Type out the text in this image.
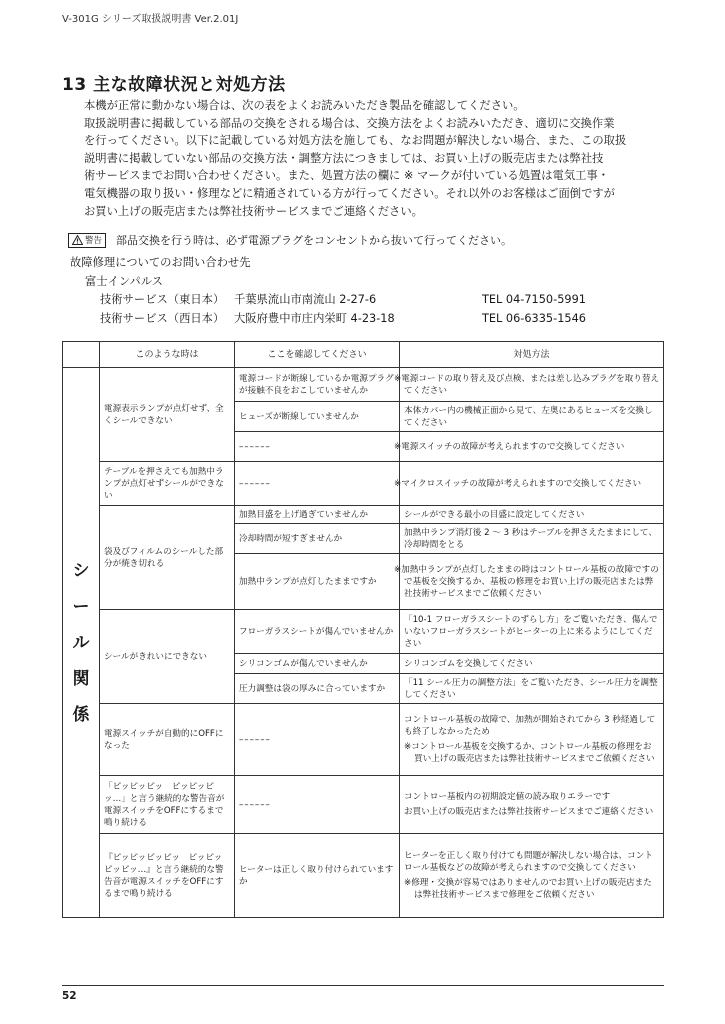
V-301G シリーズ取扱説明書 Ver.2.01J
13 主な故障状況と対処方法

本機が正常に動かない場合は、次の表をよくお読みいただき製品を確認してください。

取扱説明書に掲載している部品の交換をされる場合は、交換方法をよくお読みいただき、適切に交換作業

を行ってください。以下に記載している対処方法を施しても、なお問題が解決しない場合、また、この取扱

説明書に掲載していない部品の交換方法・調整方法につきましては、お買い上げの販売店または弊社技

術サービスまでお問い合わせください。また、処置方法の欄に ※ マークが付いている処置は電気工事・

電気機器の取り扱い・修理などに精通されている方が行ってください。それ以外のお客様はご面倒ですが

お買い上げの販売店または弊社技術サービスまでご連絡ください。

警告 部品交換を行う時は、必ず電源プラグをコンセントから抜いて行ってください。
故障修理についてのお問い合わせ先
富士インパルス
技術サービス（東日本） 千葉県流山市南流山 2-27-6	TEL 04-7150-5991
技術サービス（西日本） 大阪府豊中市庄内栄町 4-23-18	TEL 06-6335-1546
	このような時は	ここを確認してください	対処方法

シ
ー
ル
関
係	電源表示ランプが点灯せず、全くシールできない	電源コードが断線しているか電源プラグが接触不良をおこしていませんか	※電源コードの取り替え及び点検、または差し込みプラグを取り替えてください
		ヒューズが断線していませんか	本体カバー内の機械正面から見て、左奥にあるヒューズを交換してください
		––––––	※電源スイッチの故障が考えられますので交換してください
	テーブルを押さえても加熱中ランプが点灯せずシールができない	––––––	※マイクロスイッチの故障が考えられますので交換してください
	袋及びフィルムのシールした部分が焼き切れる	加熱目盛を上げ過ぎていませんか	シールができる最小の目盛に設定してください
		冷却時間が短すぎませんか	加熱中ランプ消灯後 2 ～ 3 秒はテーブルを押さえたままにして、冷却時間をとる
		加熱中ランプが点灯したままですか	※加熱中ランプが点灯したままの時はコントロール基板の故障ですので基板を交換するか、基板の修理をお買い上げの販売店または弊社技術サービスまでご依頼ください
	シールがきれいにできない	フローガラスシートが傷んでいませんか	「10-1 フローガラスシートのずらし方」をご覧いただき、傷んでいないフローガラスシートがヒーターの上に来るようにしてください
		シリコンゴムが傷んでいませんか	シリコンゴムを交換してください
		圧力調整は袋の厚みに合っていますか	「11 シール圧力の調整方法」をご覧いただき、シール圧力を調整してください
	電源スイッチが自動的にOFFになった	––––––	コントロール基板の故障で、加熱が開始されてから 3 秒経過しても終了しなかったため
※コントロール基板を交換するか、コントロール基板の修理をお買い上げの販売店または弊社技術サービスまでご依頼ください

	「ピッピッピッ　ピッピッピッ…」と言う継続的な警告音が電源スイッチをOFFにするまで鳴り続ける	––––––	コントロー基板内の初期設定値の読み取りエラーです
お買い上げの販売店または弊社技術サービスまでご連絡ください

	『ピッピッピッピッ　ピッピッピッピッ…』と言う継続的な警告音が電源スイッチをOFFにするまで鳴り続ける	ヒーターは正しく取り付けられていますか	ヒーターを正しく取り付けても問題が解決しない場合は、コントロール基板などの故障が考えられますので交換してください
※修理・交換が容易ではありませんのでお買い上げの販売店または弊社技術サービスまで修理をご依頼ください
52
